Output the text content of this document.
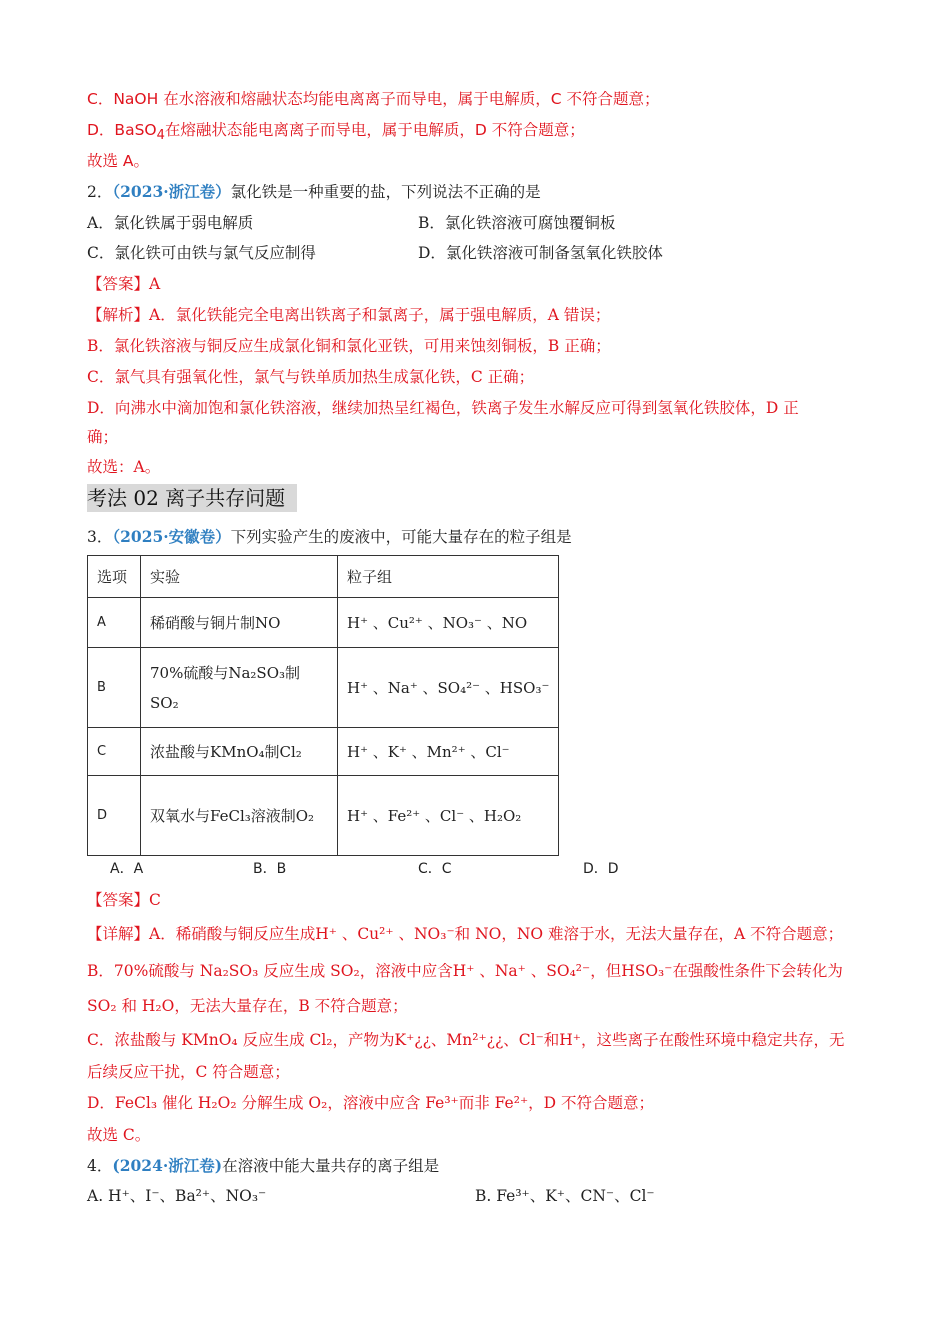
C．NaOH 在水溶液和熔融状态均能电离离子而导电，属于电解质，C 不符合题意；
D．BaSO$_4$在熔融状态能电离离子而导电，属于电解质，D 不符合题意；
故选 A。
2．（2023·浙江卷）氯化铁是一种重要的盐，下列说法不正确的是
A．氯化铁属于弱电解质	B．氯化铁溶液可腐蚀覆铜板
C．氯化铁可由铁与氯气反应制得	D．氯化铁溶液可制备氢氧化铁胶体
【答案】A
【解析】A．氯化铁能完全电离出铁离子和氯离子，属于强电解质，A 错误；
B．氯化铁溶液与铜反应生成氯化铜和氯化亚铁，可用来蚀刻铜板，B 正确；
C．氯气具有强氧化性，氯气与铁单质加热生成氯化铁，C 正确；
D．向沸水中滴加饱和氯化铁溶液，继续加热呈红褐色，铁离子发生水解反应可得到氢氧化铁胶体，D 正
确；
故选：A。
考法 02 离子共存问题
3．（2025·安徽卷）下列实验产生的废液中，可能大量存在的粒子组是
选项	实验	粒子组
A	稀硝酸与铜片制NO	H⁺ 、Cu²⁺ 、NO₃⁻ 、NO
B	70%硫酸与Na₂SO₃制SO₂	H⁺ 、Na⁺ 、SO₄²⁻ 、HSO₃⁻
C	浓盐酸与KMnO₄制Cl₂	H⁺ 、K⁺ 、Mn²⁺ 、Cl⁻
D	双氧水与FeCl₃溶液制O₂	H⁺ 、Fe²⁺ 、Cl⁻ 、H₂O₂
A．A	B．B	C．C	D．D
【答案】C
【详解】A．稀硝酸与铜反应生成H⁺ 、Cu²⁺ 、NO₃⁻和 NO，NO 难溶于水，无法大量存在，A 不符合题意；
B．70%硫酸与 Na₂SO₃ 反应生成 SO₂，溶液中应含H⁺ 、Na⁺ 、SO₄²⁻，但HSO₃⁻在强酸性条件下会转化为
SO₂ 和 H₂O，无法大量存在，B 不符合题意；
C．浓盐酸与 KMnO₄ 反应生成 Cl₂，产物为K⁺¿¿、Mn²⁺¿¿、Cl⁻和H⁺，这些离子在酸性环境中稳定共存，无
后续反应干扰，C 符合题意；
D．FeCl₃ 催化 H₂O₂ 分解生成 O₂，溶液中应含 Fe³⁺而非 Fe²⁺，D 不符合题意；
故选 C。
4．(2024·浙江卷)在溶液中能大量共存的离子组是
A. H⁺、I⁻、Ba²⁺、NO₃⁻	B. Fe³⁺、K⁺、CN⁻、Cl⁻
